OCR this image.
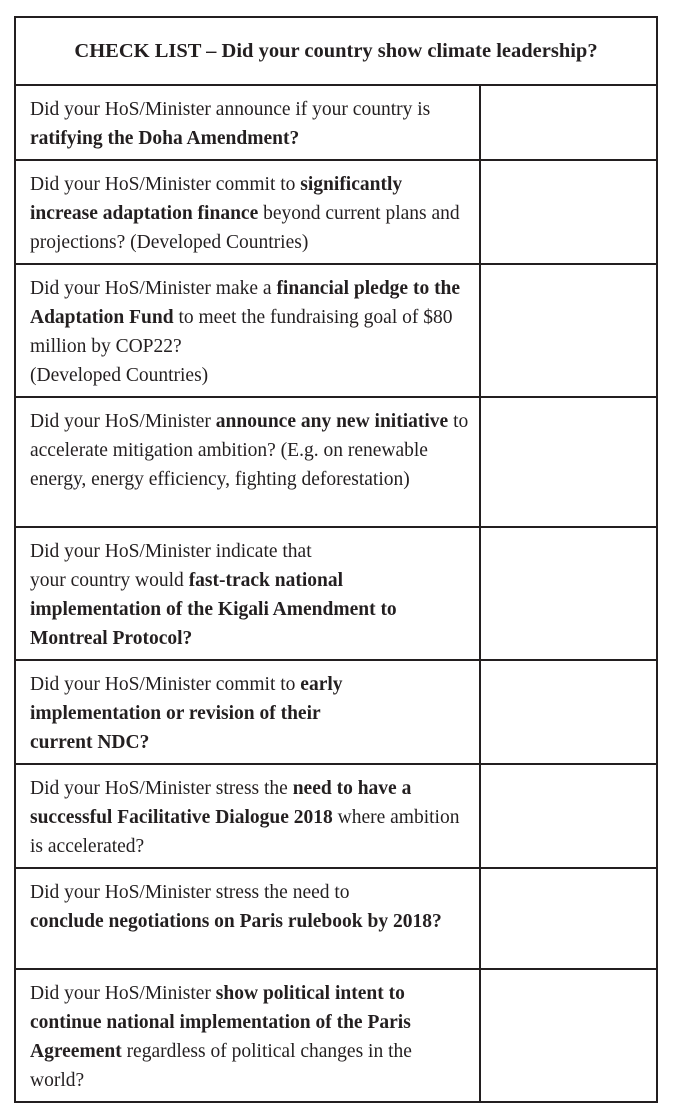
CHECK LIST – Did your country show climate leadership?	
Did your HoS/Minister announce if your country is ratifying the Doha Amendment?	
Did your HoS/Minister commit to significantly increase adaptation finance beyond current plans and projections? (Developed Countries)	
Did your HoS/Minister make a financial pledge to the Adaptation Fund to meet the fundraising goal of $80 million by COP22?
(Developed Countries)	
Did your HoS/Minister announce any new initiative to accelerate mitigation ambition? (E.g. on renewable energy, energy efficiency, fighting deforestation)	
Did your HoS/Minister indicate that
your country would fast-track national implementation of the Kigali Amendment to Montreal Protocol?	
Did your HoS/Minister commit to early implementation or revision of their
current NDC?	
Did your HoS/Minister stress the need to have a successful Facilitative Dialogue 2018 where ambition is accelerated?	
Did your HoS/Minister stress the need to
conclude negotiations on Paris rulebook by 2018?	
Did your HoS/Minister show political intent to continue national implementation of the Paris Agreement regardless of political changes in the world?	
